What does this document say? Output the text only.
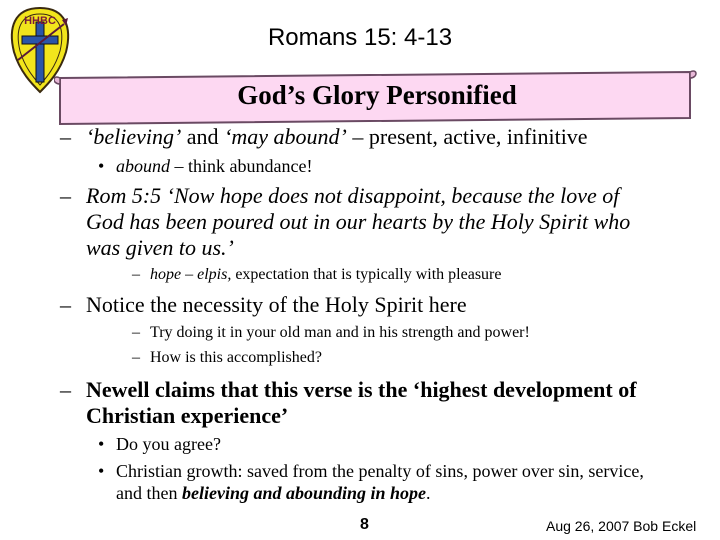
HHBC
Romans 15: 4-13
God’s Glory Personified
– ‘believing’ and ‘may abound’ – present, active, infinitive
• abound – think abundance!
– Rom 5:5 ‘Now hope does not disappoint, because the love of
God has been poured out in our hearts by the Holy Spirit who
was given to us.’
– hope – elpis, expectation that is typically with pleasure
– Notice the necessity of the Holy Spirit here
– Try doing it in your old man and in his strength and power!
– How is this accomplished?
– Newell claims that this verse is the ‘highest development of
Christian experience’
• Do you agree?
• Christian growth: saved from the penalty of sins, power over sin, service,
and then believing and abounding in hope.
8	Aug 26, 2007 Bob Eckel
